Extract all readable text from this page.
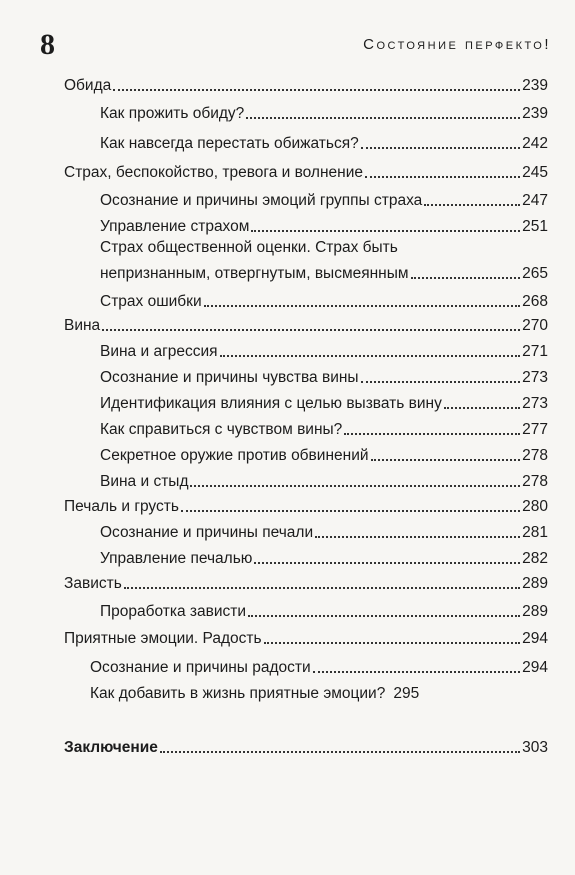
8	Состояние перфекто!
Обида	239
Как прожить обиду?	239
Как навсегда перестать обижаться?	242
Страх, беспокойство, тревога и волнение	245
Осознание и причины эмоций группы страха	247
Управление страхом	251
Страх общественной оценки. Страх быть
непризнанным, отвергнутым, высмеянным	265
Страх ошибки	268
Вина	270
Вина и агрессия	271
Осознание и причины чувства вины	273
Идентификация влияния с целью вызвать вину	273
Как справиться с чувством вины?	277
Секретное оружие против обвинений	278
Вина и стыд	278
Печаль и грусть	280
Осознание и причины печали	281
Управление печалью	282
Зависть	289
Проработка зависти	289
Приятные эмоции. Радость	294
Осознание и причины радости	294
Как добавить в жизнь приятные эмоции? 295
Заключение	303
